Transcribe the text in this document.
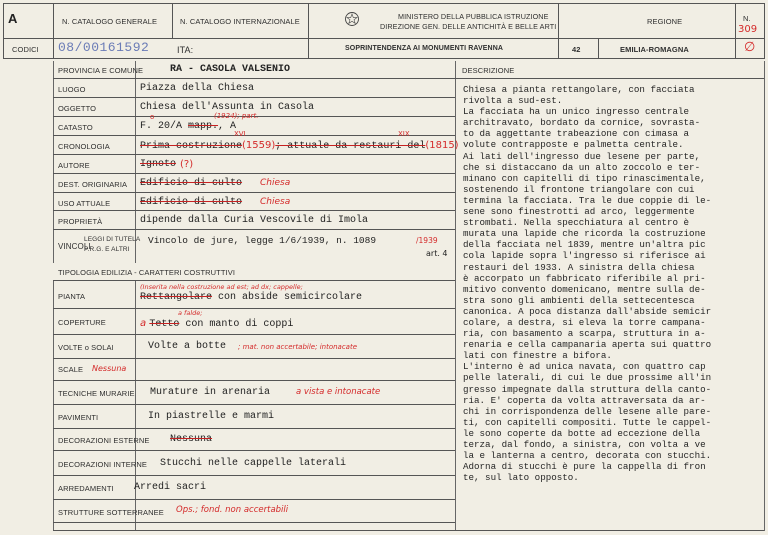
A	N. CATALOGO GENERALE	N. CATALOGO INTERNAZIONALE
MINISTERO DELLA PUBBLICA ISTRUZIONE
DIREZIONE GEN. DELLE ANTICHITÀ E BELLE ARTI
REGIONE	N.
309
CODICI 08/00161592	ITA:	SOPRINTENDENZA AI MONUMENTI RAVENNA	42	EMILIA-ROMAGNA	∅
PROVINCIA E COMUNE	RA - CASOLA VALSENIO
LUOGO	Piazza della Chiesa
OGGETTO	Chiesa dell'Assunta in Casola
CATASTO	F. 20/A mapp., A
(1924); part.
o
CRONOLOGIA	Prima costruzione(1559); attuale da restauri del(1815)
XVI	XIX
AUTORE	Ignoto (?)
DEST. ORIGINARIA Edificio di culto Chiesa
USO ATTUALE	Edificio di culto Chiesa
PROPRIETÀ	dipende dalla Curia Vescovile di Imola
VINCOLI
LEGGI DI TUTELA
P.R.G. E ALTRI
Vincolo de jure, legge 1/6/1939, n. 1089	/1939
art. 4
TIPOLOGIA EDILIZIA - CARATTERI COSTRUTTIVI
PIANTA
(Inserita nella costruzione ad est; ad dx; cappelle;
Rettangolare con abside semicircolare
COPERTURE
a falde;
a Tetto con manto di coppi
VOLTE o SOLAI	Volte a botte ; mat. non accertabile; intonacate
SCALE Nessuna
TECNICHE MURARIE Murature in arenaria	a vista e intonacate
PAVIMENTI	In piastrelle e marmi
DECORAZIONI ESTERNE Nessuna
DECORAZIONI INTERNE Stucchi nelle cappelle laterali
ARREDAMENTI Arredi sacri
STRUTTURE SOTTERRANEE Ops.; fond. non accertabili
DESCRIZIONE
Chiesa a pianta rettangolare, con facciata
rivolta a sud-est.
La facciata ha un unico ingresso centrale
architravato, bordato da cornice, sovrasta-
to da aggettante trabeazione con cimasa a
volute contrapposte e palmetta centrale.
Ai lati dell'ingresso due lesene per parte,
che si distaccano da un alto zoccolo e ter-
minano con capitelli di tipo rinascimentale,
sostenendo il frontone triangolare con cui
termina la facciata. Tra le due coppie di le-
sene sono finestrotti ad arco, leggermente
strombati. Nella specchiatura al centro è
murata una lapide che ricorda la costruzione
della facciata nel 1839, mentre un'altra pic
cola lapide sopra l'ingresso si riferisce ai
restauri del 1933. A sinistra della chiesa
è accorpato un fabbricato riferibile al pri-
mitivo convento domenicano, mentre sulla de-
stra sono gli ambienti della settecentesca
canonica. A poca distanza dall'abside semicir
colare, a destra, si eleva la torre campana-
ria, con basamento a scarpa, struttura in a-
renaria e cella campanaria aperta sui quattro
lati con finestre a bifora.
L'interno è ad unica navata, con quattro cap
pelle laterali, di cui le due prossime all'in
gresso impegnate dalla struttura della canto-
ria. E' coperta da volta attraversata da ar-
chi in corrispondenza delle lesene alle pare-
ti, con capitelli compositi. Tutte le cappel-
le sono coperte da botte ad eccezione della
terza, dal fondo, a sinistra, con volta a ve
la e lanterna a centro, decorata con stucchi.
Adorna di stucchi è pure la cappella di fron
te, sul lato opposto.
